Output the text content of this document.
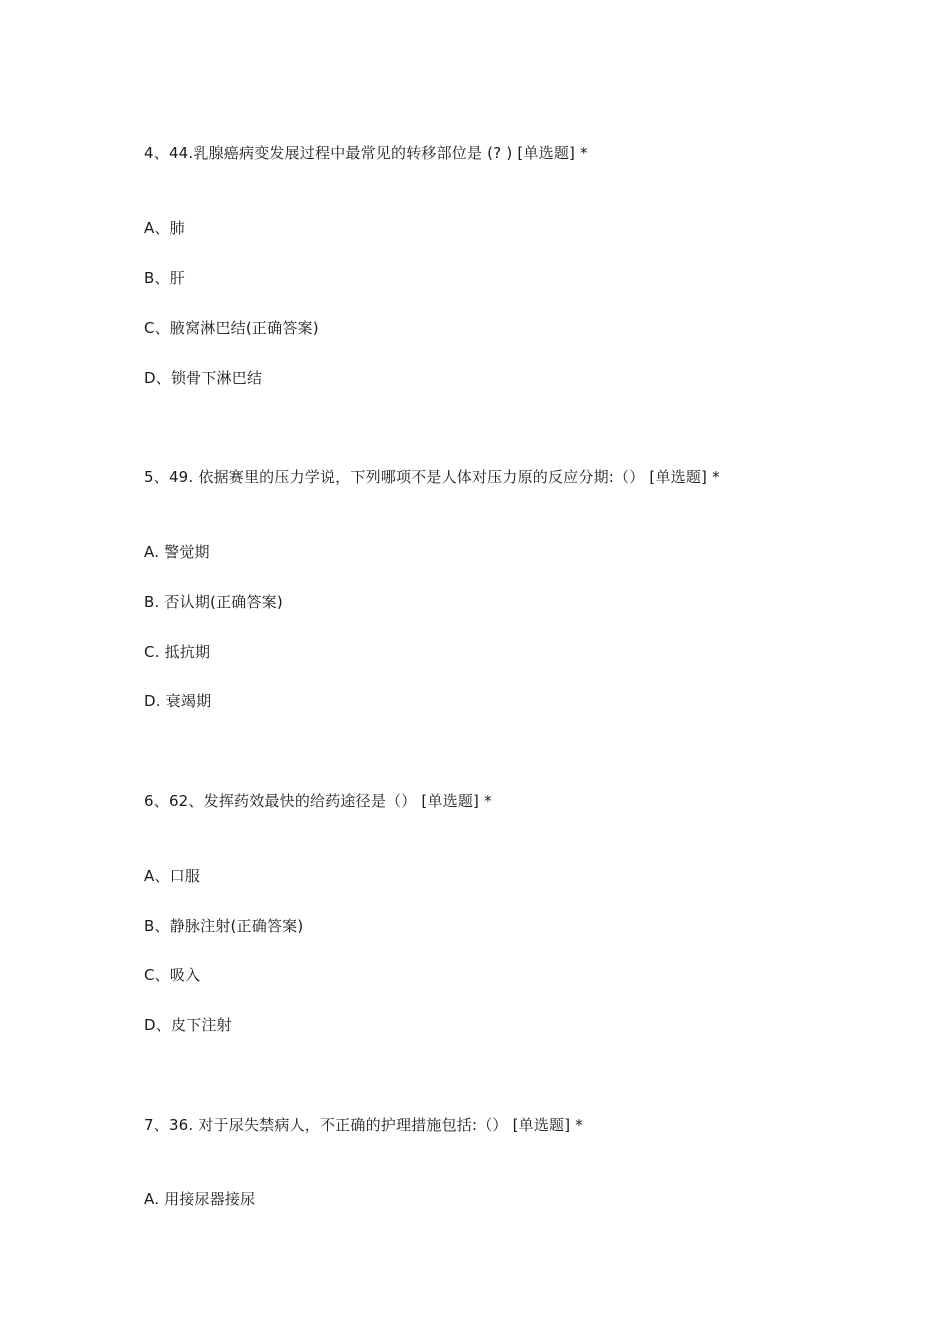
4、44.乳腺癌病变发展过程中最常见的转移部位是 (? ) [单选题] *
A、肺
B、肝
C、腋窝淋巴结(正确答案)
D、锁骨下淋巴结
5、49. 依据赛里的压力学说，下列哪项不是人体对压力原的反应分期:（） [单选题] *
A. 警觉期
B. 否认期(正确答案)
C. 抵抗期
D. 衰竭期
6、62、发挥药效最快的给药途径是（） [单选题] *
A、口服
B、静脉注射(正确答案)
C、吸入
D、皮下注射
7、36. 对于尿失禁病人，不正确的护理措施包括:（） [单选题] *
A. 用接尿器接尿
